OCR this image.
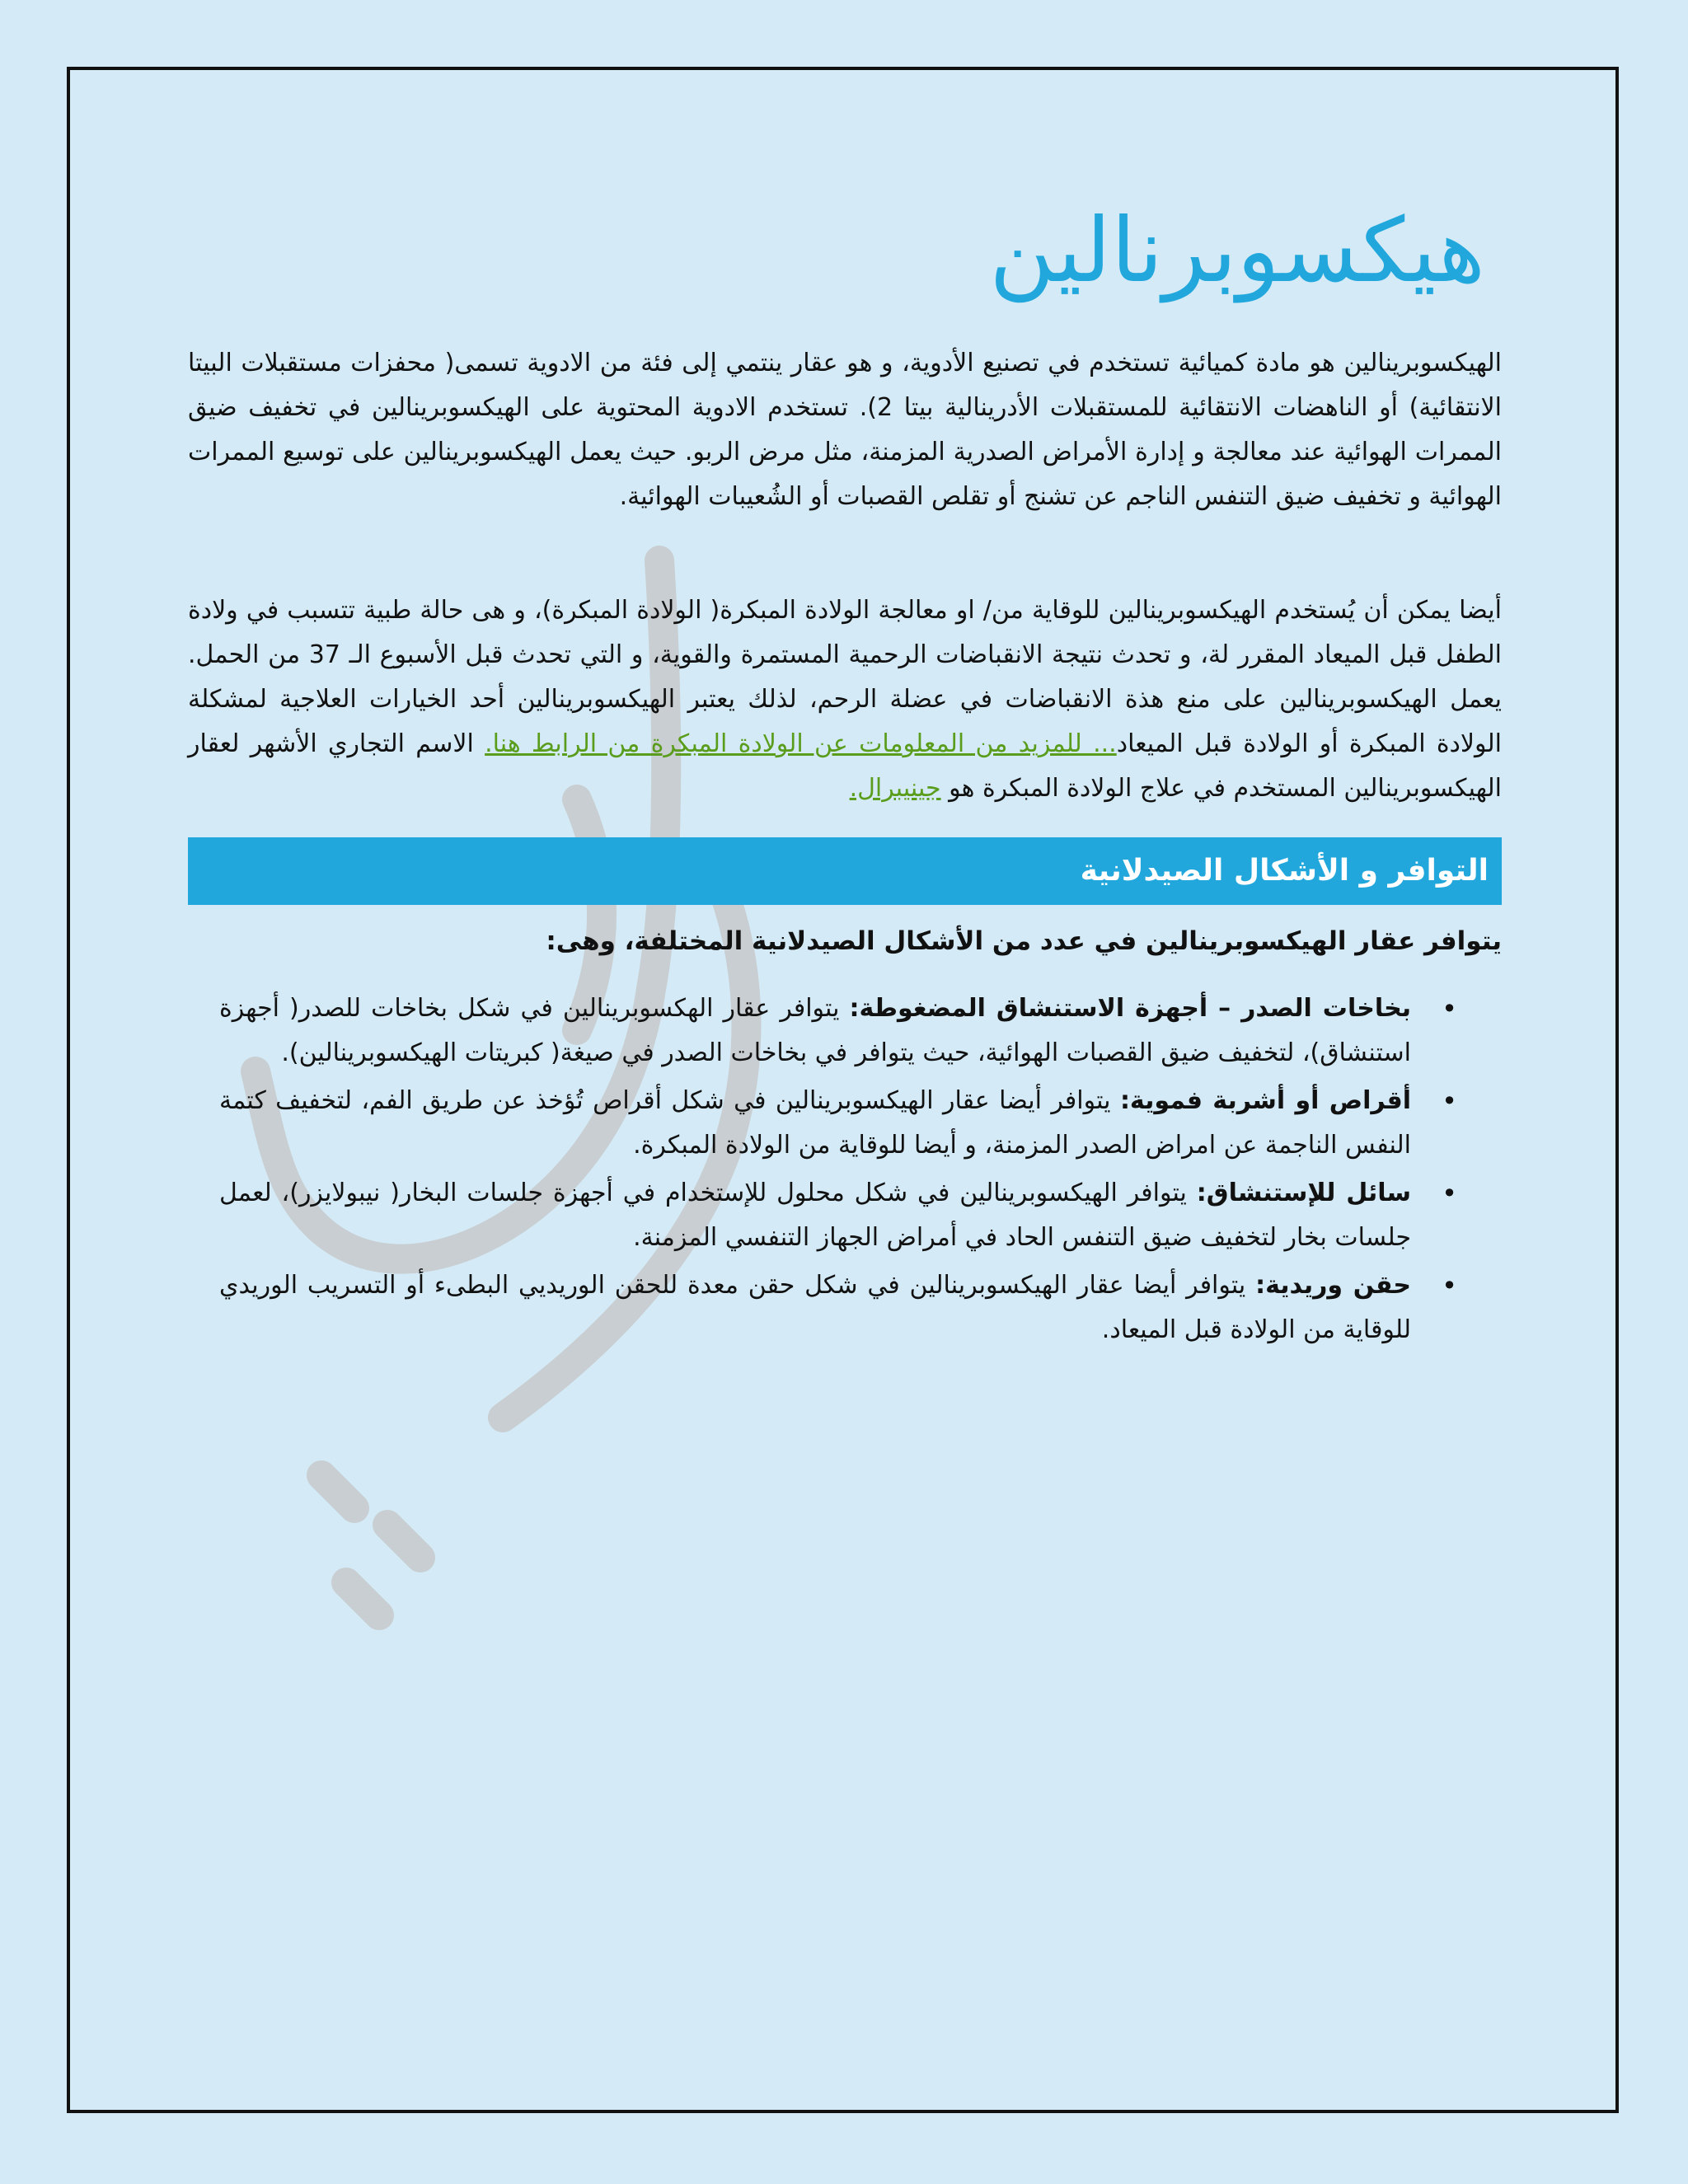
هيكسوبرنالين

الهيكسوبرينالين هو مادة كميائية تستخدم في تصنيع الأدوية، و هو عقار ينتمي إلى فئة من الادوية تسمى( محفزات مستقبلات البيتا الانتقائية) أو الناهضات الانتقائية للمستقبلات الأدرينالية بيتا 2). تستخدم الادوية المحتوية على الهيكسوبرينالين في تخفيف ضيق الممرات الهوائية عند معالجة و إدارة الأمراض الصدرية المزمنة، مثل مرض الربو. حيث يعمل الهيكسوبرينالين على توسيع الممرات الهوائية و تخفيف ضيق التنفس الناجم عن تشنج أو تقلص القصبات أو الشُعيبات الهوائية.

أيضا يمكن أن يُستخدم الهيكسوبرينالين للوقاية من/ او معالجة الولادة المبكرة( الولادة المبكرة)، و هى حالة طبية تتسبب في ولادة الطفل قبل الميعاد المقرر لة، و تحدث نتيجة الانقباضات الرحمية المستمرة والقوية، و التي تحدث قبل الأسبوع الـ 37 من الحمل. يعمل الهيكسوبرينالين على منع هذة الانقباضات في عضلة الرحم، لذلك يعتبر الهيكسوبرينالين أحد الخيارات العلاجية لمشكلة الولادة المبكرة أو الولادة قبل الميعاد... للمزيد من المعلومات عن الولادة المبكرة من الرابط هنا. الاسم التجاري الأشهر لعقار الهيكسوبرينالين المستخدم في علاج الولادة المبكرة هو جينيبرال.

التوافر و الأشكال الصيدلانية

يتوافر عقار الهيكسوبرينالين في عدد من الأشكال الصيدلانية المختلفة، وهى:

•
بخاخات الصدر – أجهزة الاستنشاق المضغوطة: يتوافر عقار الهكسوبرينالين في شكل بخاخات للصدر( أجهزة استنشاق)، لتخفيف ضيق القصبات الهوائية، حيث يتوافر في بخاخات الصدر في صيغة( كبريتات الهيكسوبرينالين).
•
أقراص أو أشربة فموية: يتوافر أيضا عقار الهيكسوبرينالين في شكل أقراص تُؤخذ عن طريق الفم، لتخفيف كتمة النفس الناجمة عن امراض الصدر المزمنة، و أيضا للوقاية من الولادة المبكرة.
•
سائل للإستنشاق: يتوافر الهيكسوبرينالين في شكل محلول للإستخدام في أجهزة جلسات البخار( نيبولايزر)، لعمل جلسات بخار لتخفيف ضيق التنفس الحاد في أمراض الجهاز التنفسي المزمنة.
•
حقن وريدية: يتوافر أيضا عقار الهيكسوبرينالين في شكل حقن معدة للحقن الوريديي البطىء أو التسريب الوريدي للوقاية من الولادة قبل الميعاد.
